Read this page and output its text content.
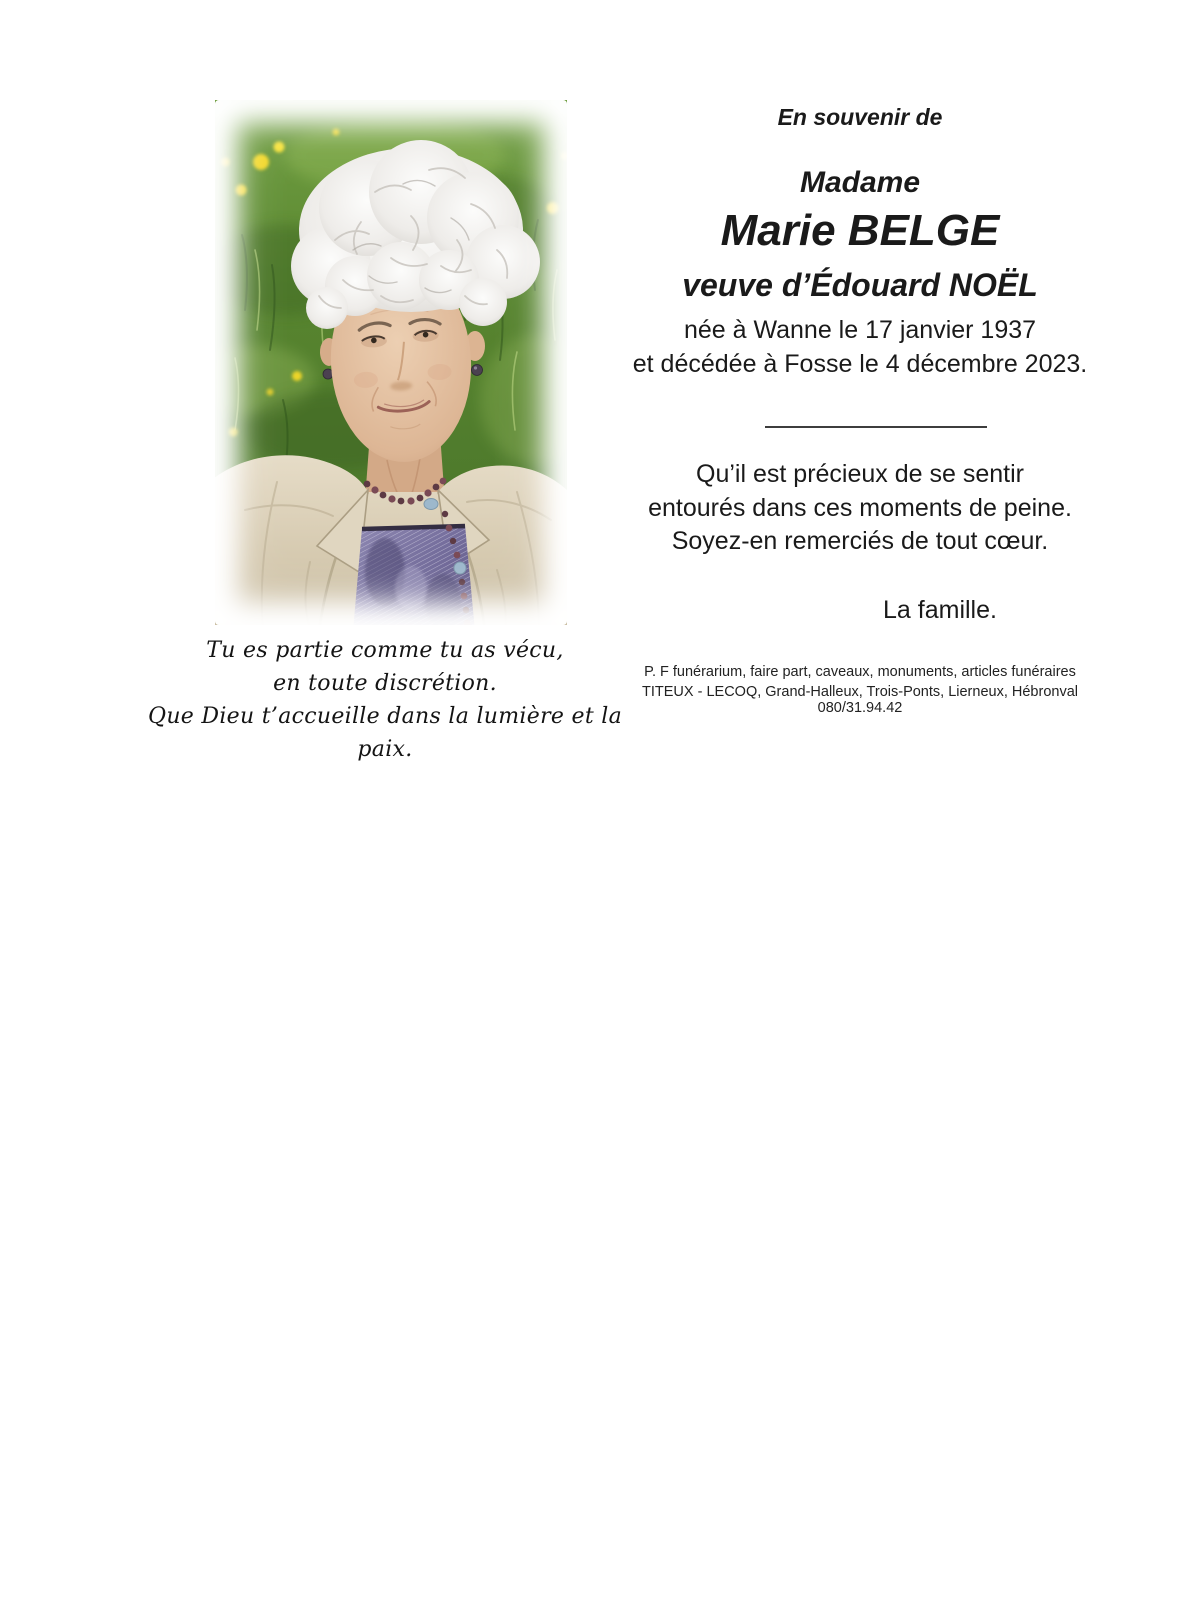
Tu es partie comme tu as vécu,
en toute discrétion.
Que Dieu t’accueille dans la lumière et la paix.
En souvenir de
Madame
Marie BELGE
veuve d’Édouard NOËL
née à Wanne le 17 janvier 1937
et décédée à Fosse le 4 décembre 2023.
Qu’il est précieux de se sentir
entourés dans ces moments de peine.
Soyez-en remerciés de tout cœur.
La famille.
P. F funérarium, faire part, caveaux, monuments, articles funéraires
TITEUX - LECOQ, Grand-Halleux, Trois-Ponts, Lierneux, Hébronval 080/31.94.42
